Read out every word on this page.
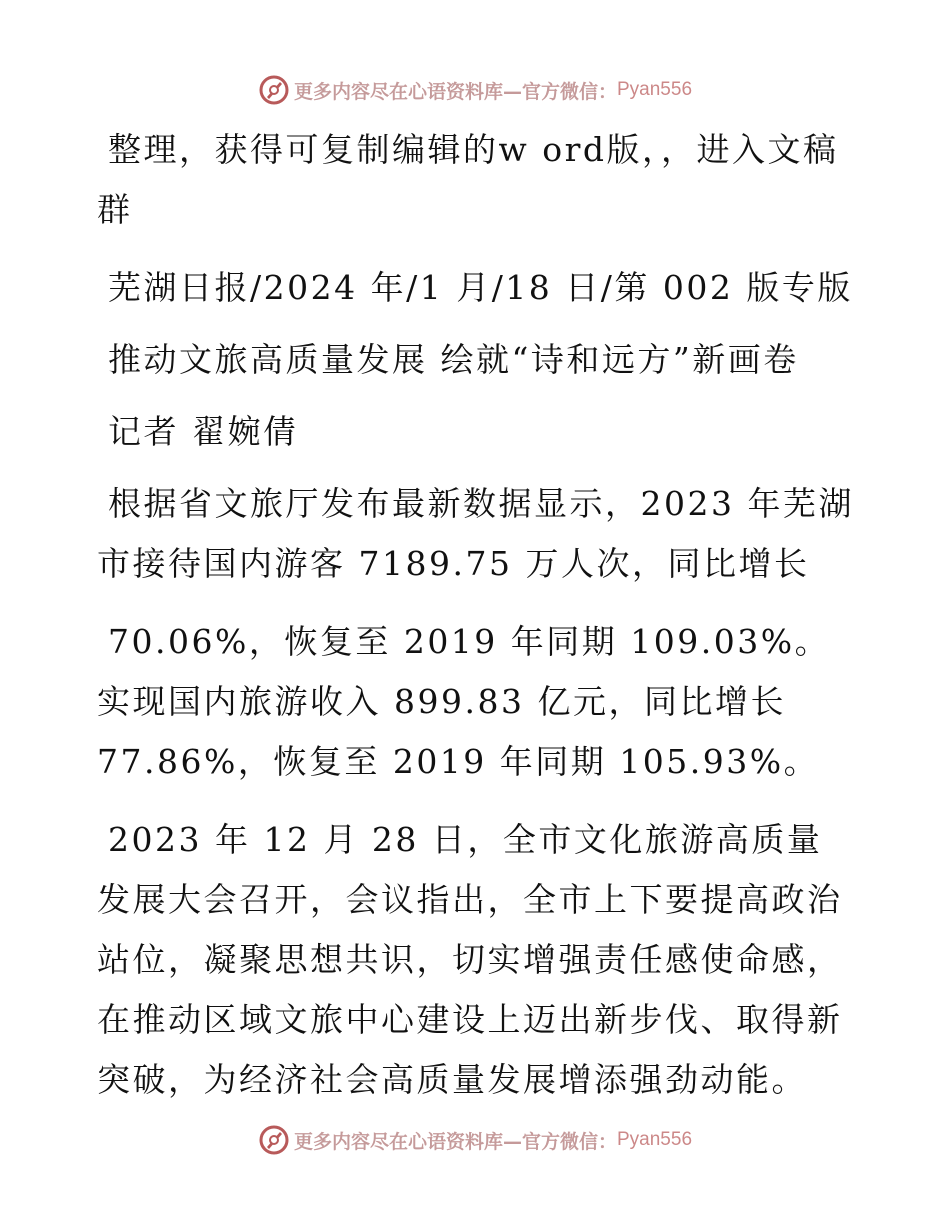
更多内容尽在心语资料库—官方微信： Pyan556

整理，获得可复制编辑的w ord版，，进入文稿群

芜湖日报/2024 年/1 月/18 日/第 002 版专版

推动文旅高质量发展 绘就“诗和远方”新画卷

记者 翟婉倩

根据省文旅厅发布最新数据显示，2023 年芜湖市接待国内游客 7189.75 万人次，同比增长

70.06%，恢复至 2019 年同期 109.03%。实现国内旅游收入 899.83 亿元，同比增长 77.86%，恢复至 2019 年同期 105.93%。

2023 年 12 月 28 日，全市文化旅游高质量发展大会召开，会议指出，全市上下要提高政治站位，凝聚思想共识，切实增强责任感使命感，在推动区域文旅中心建设上迈出新步伐、取得新突破，为经济社会高质量发展增添强劲动能。

更多内容尽在心语资料库—官方微信： Pyan556
